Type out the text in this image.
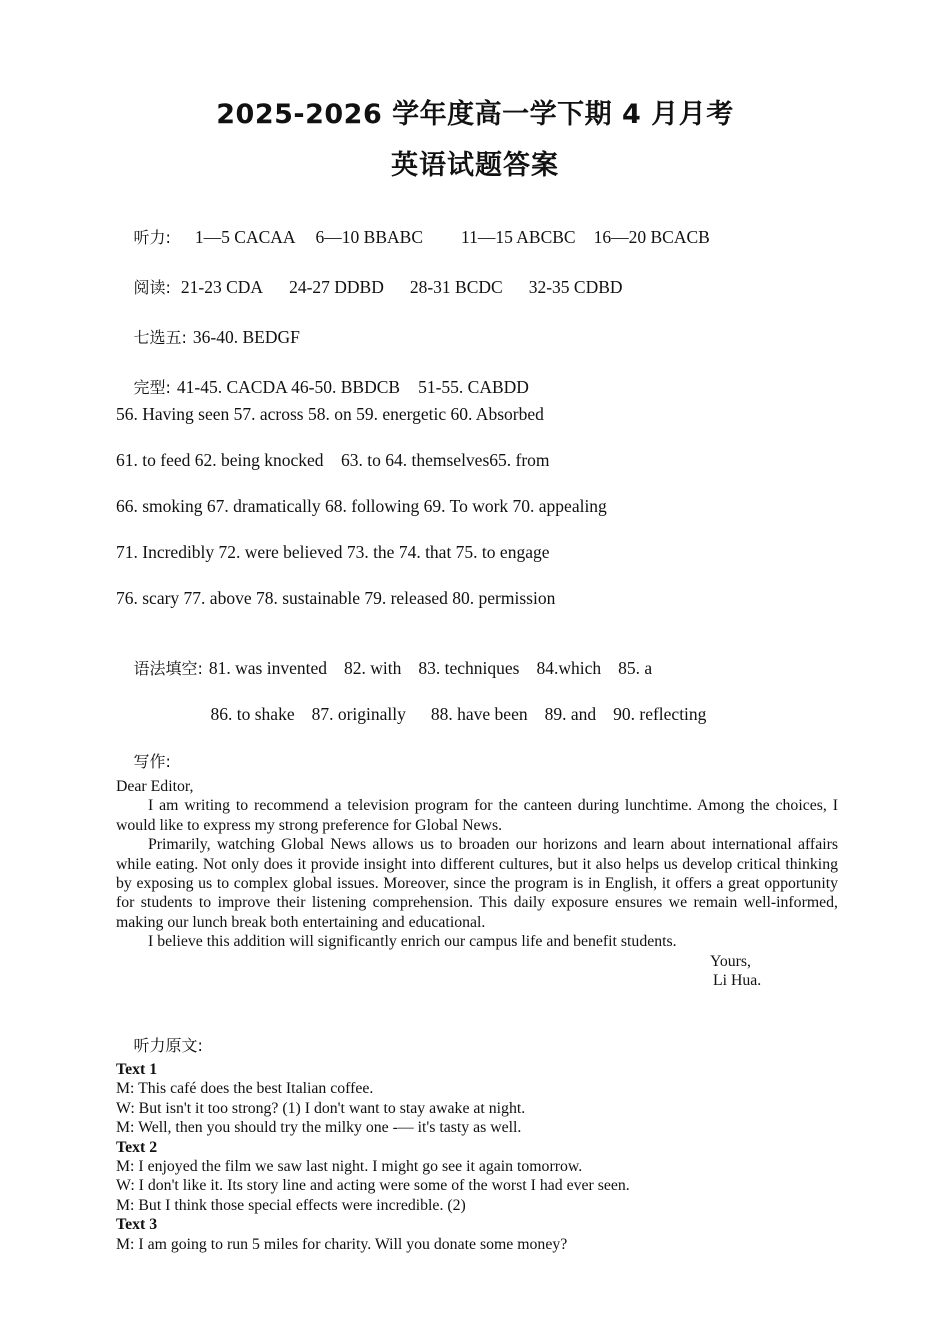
2025-2026 学年度高一学下期 4 月月考
英语试题答案

听力: 1—5 CACAA 6—10 BBABC 11—15 ABCBC 16—20 BCACB

阅读: 21-23 CDA 24-27 DDBD 28-31 BCDC 32-35 CDBD

七选五: 36-40. BEDGF

完型: 41-45. CACDA 46-50. BBDCB 51-55. CABDD

56. Having seen 57. across 58. on 59. energetic 60. Absorbed
61. to feed 62. being knocked    63. to 64. themselves65. from
66. smoking 67. dramatically 68. following 69. To work 70. appealing
71. Incredibly 72. were believed 73. the 74. that 75. to engage
76. scary 77. above 78. sustainable 79. released 80. permission

语法填空: 81. was invented 82. with 83. techniques 84.which 85. a

86. to shake 87. originally 88. have been 89. and 90. reflecting

写作:

Dear Editor,

I am writing to recommend a television program for the canteen during lunchtime. Among the choices, I would like to express my strong preference for Global News.

Primarily, watching Global News allows us to broaden our horizons and learn about international affairs while eating. Not only does it provide insight into different cultures, but it also helps us develop critical thinking by exposing us to complex global issues. Moreover, since the program is in English, it offers a great opportunity for students to improve their listening comprehension. This daily exposure ensures we remain well-informed, making our lunch break both entertaining and educational.

I believe this addition will significantly enrich our campus life and benefit students.

Yours,

Li Hua.

听力原文:

Text 1
M: This café does the best Italian coffee.
W: But isn't it too strong? (1) I don't want to stay awake at night.
M: Well, then you should try the milky one -— it's tasty as well.
Text 2
M: I enjoyed the film we saw last night. I might go see it again tomorrow.
W: I don't like it. Its story line and acting were some of the worst I had ever seen.
M: But I think those special effects were incredible. (2)
Text 3
M: I am going to run 5 miles for charity. Will you donate some money?
